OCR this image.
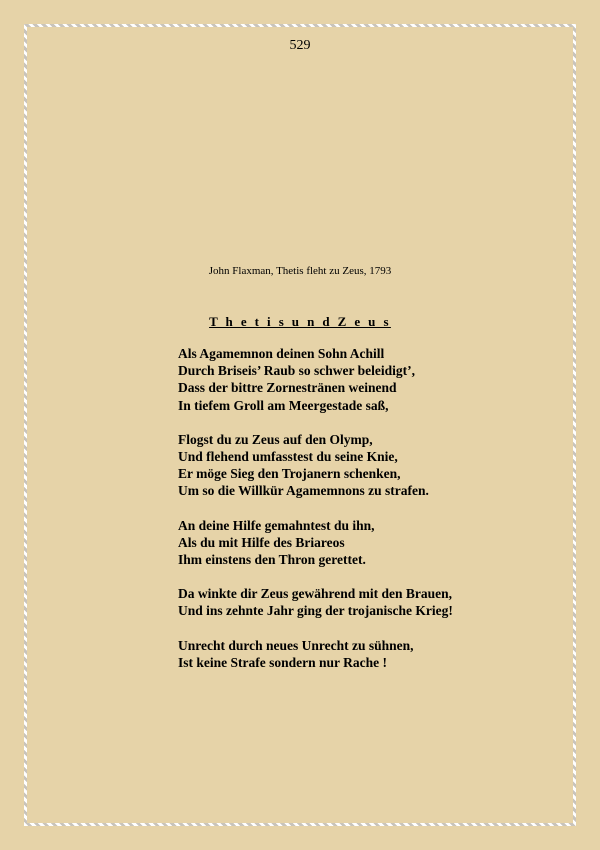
529
John Flaxman, Thetis fleht zu Zeus, 1793
T h e t i s u n d Z e u s
Als Agamemnon deinen Sohn Achill
Durch Briseis’ Raub so schwer beleidigt’,
Dass der bittre Zornestränen weinend
In tiefem Groll am Meergestade saß,
Flogst du zu Zeus auf den Olymp,
Und flehend umfasstest du seine Knie,
Er möge Sieg den Trojanern schenken,
Um so die Willkür Agamemnons zu strafen.
An deine Hilfe gemahntest du ihn,
Als du mit Hilfe des Briareos
Ihm einstens den Thron gerettet.
Da winkte dir Zeus gewährend mit den Brauen,
Und ins zehnte Jahr ging der trojanische Krieg!
Unrecht durch neues Unrecht zu sühnen,
Ist keine Strafe sondern nur Rache !
